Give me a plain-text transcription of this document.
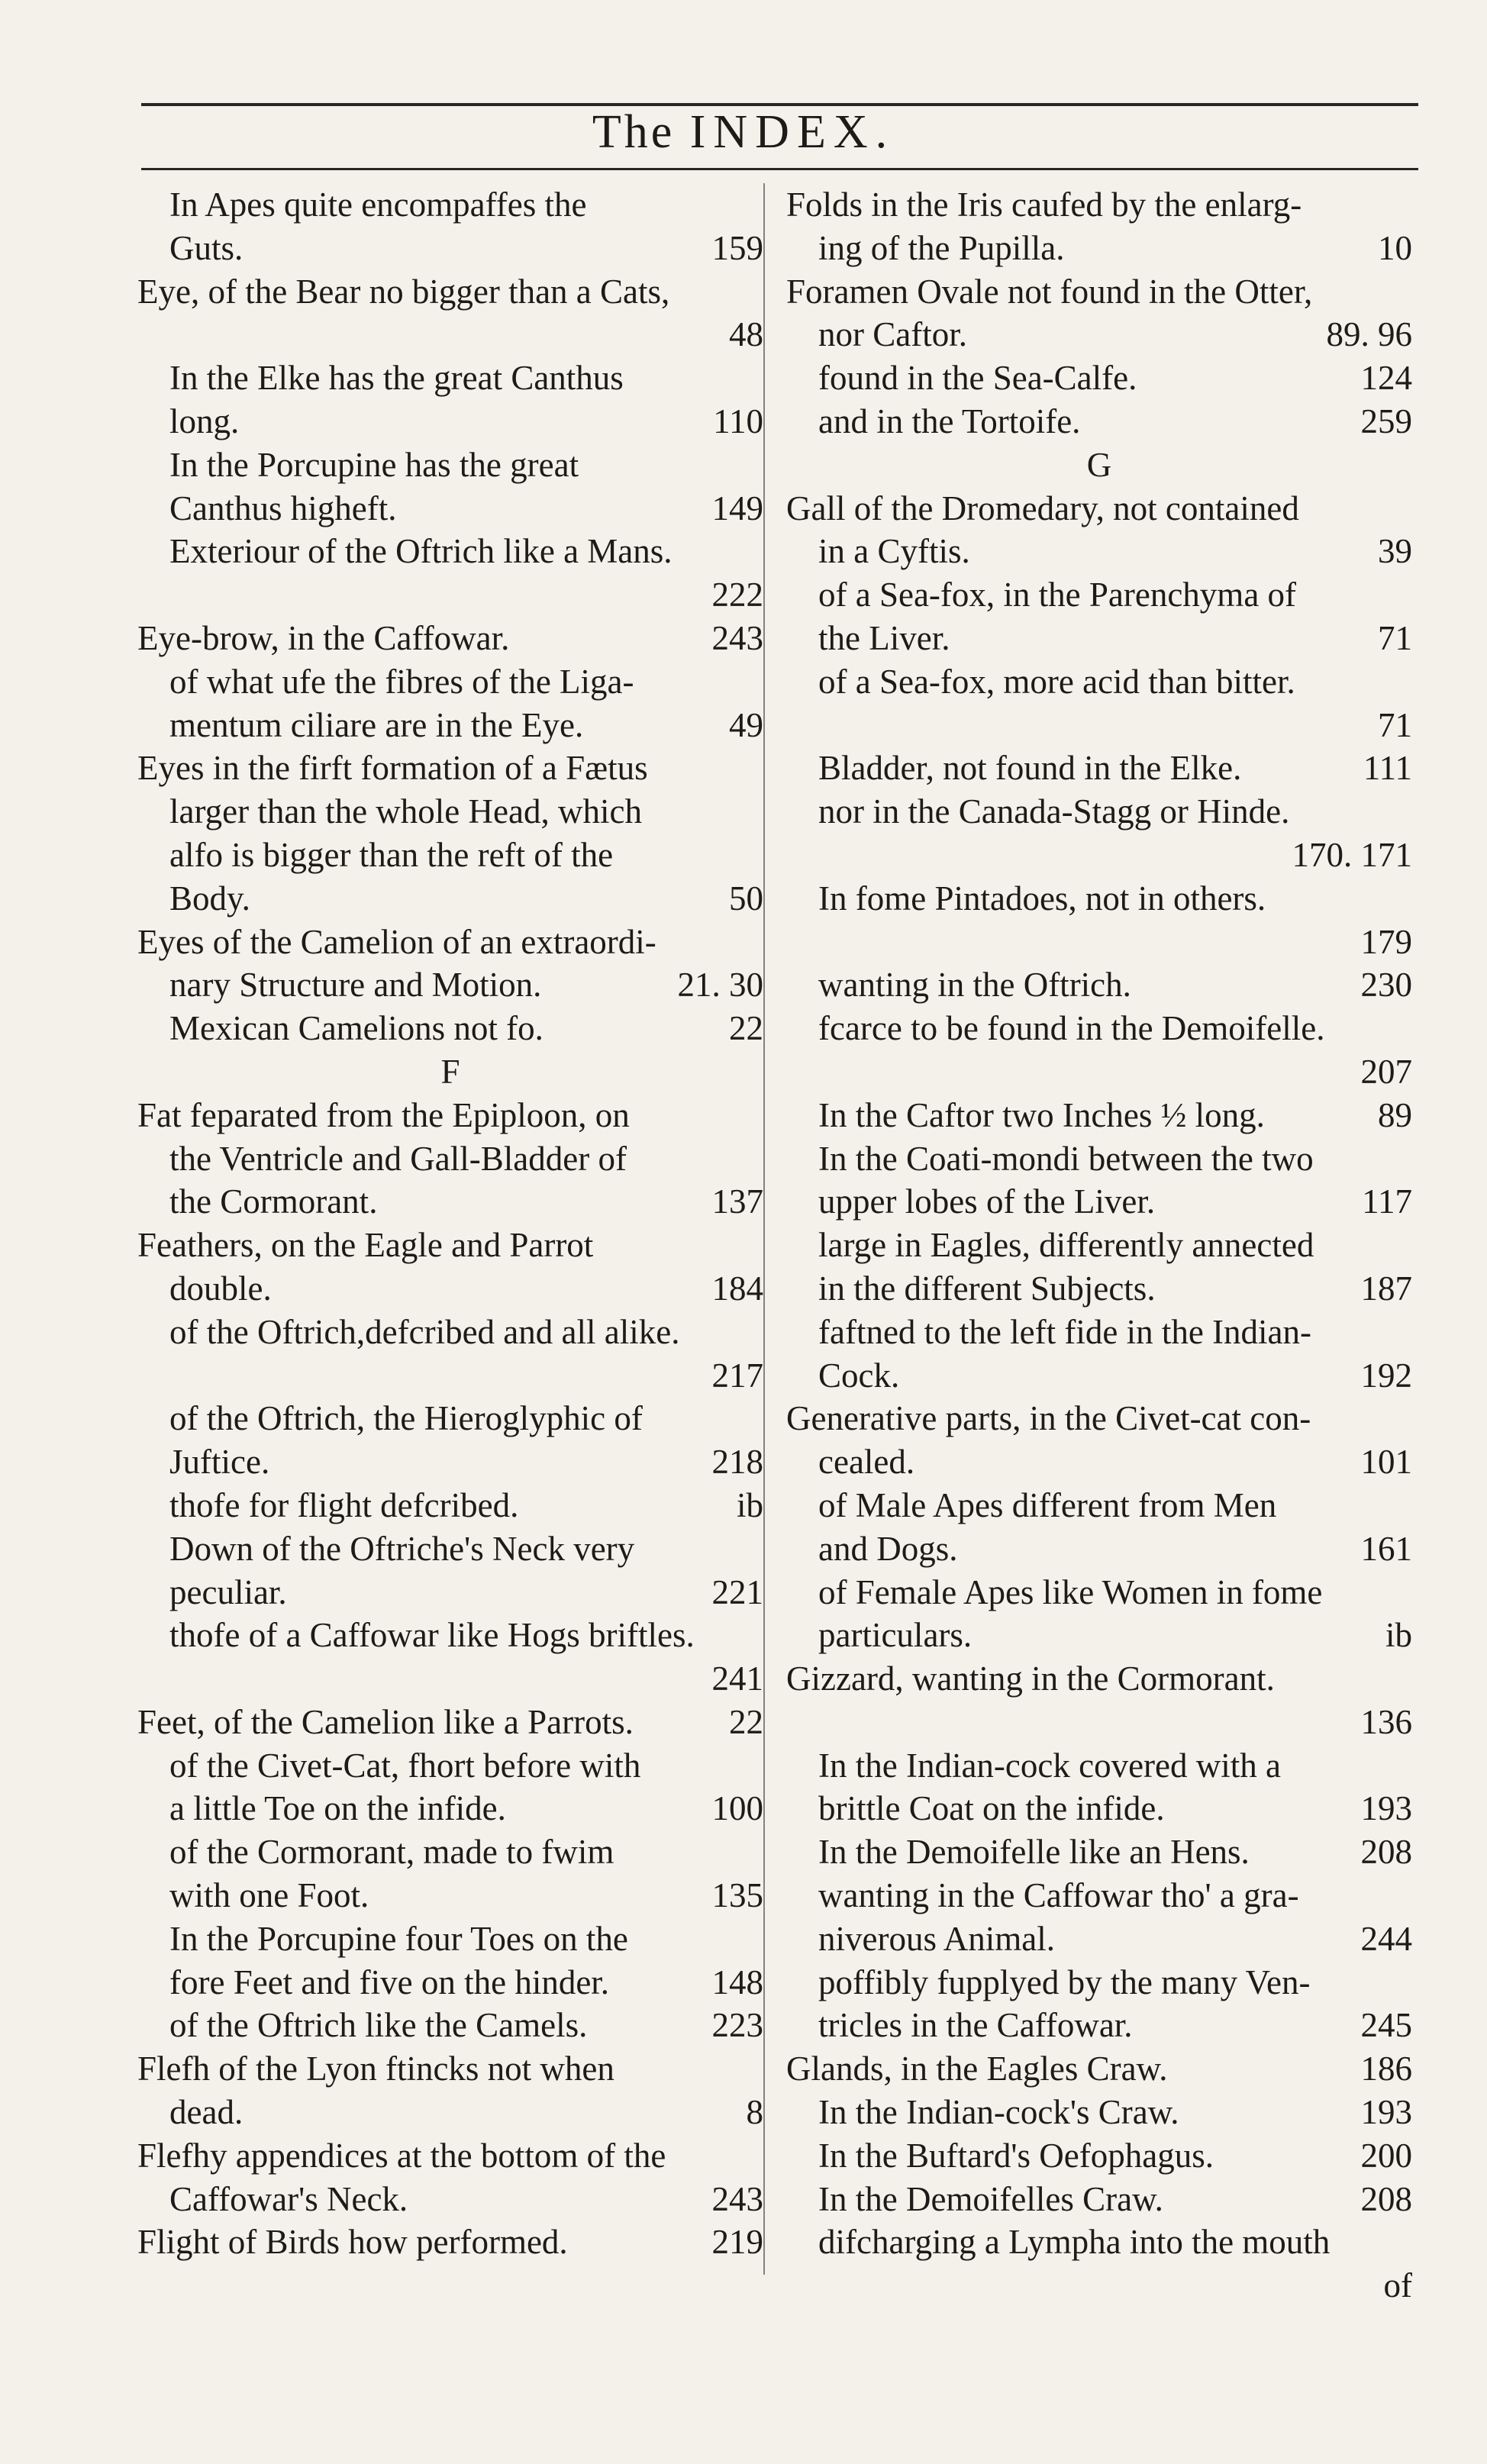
The INDEX.
In Apes quite encompaffes the
Guts.	159
Eye, of the Bear no bigger than a Cats,
48
In the Elke has the great Canthus
long.	110
In the Porcupine has the great
Canthus higheft.	149
Exteriour of the Oftrich like a Mans.
222
Eye-brow, in the Caffowar.	243
of what ufe the fibres of the Liga-
mentum ciliare are in the Eye.	49
Eyes in the firft formation of a Fætus
larger than the whole Head, which
alfo is bigger than the reft of the
Body.	50
Eyes of the Camelion of an extraordi-
nary Structure and Motion.	21. 30
Mexican Camelions not fo.	22
F
Fat feparated from the Epiploon, on
the Ventricle and Gall-Bladder of
the Cormorant.	137
Feathers, on the Eagle and Parrot
double.	184
of the Oftrich,defcribed and all alike.
217
of the Oftrich, the Hieroglyphic of
Juftice.	218
thofe for flight defcribed.	ib
Down of the Oftriche's Neck very
peculiar.	221
thofe of a Caffowar like Hogs briftles.
241
Feet, of the Camelion like a Parrots.	22
of the Civet-Cat, fhort before with
a little Toe on the infide.	100
of the Cormorant, made to fwim
with one Foot.	135
In the Porcupine four Toes on the
fore Feet and five on the hinder.	148
of the Oftrich like the Camels.	223
Flefh of the Lyon ftincks not when
dead.	8
Flefhy appendices at the bottom of the
Caffowar's Neck.	243
Flight of Birds how performed.	219
Folds in the Iris caufed by the enlarg-
ing of the Pupilla.	10
Foramen Ovale not found in the Otter,
nor Caftor.	89. 96
found in the Sea-Calfe.	124
and in the Tortoife.	259
G
Gall of the Dromedary, not contained
in a Cyftis.	39
of a Sea-fox, in the Parenchyma of
the Liver.	71
of a Sea-fox, more acid than bitter.
71
Bladder, not found in the Elke.	111
nor in the Canada-Stagg or Hinde.
170. 171
In fome Pintadoes, not in others.
179
wanting in the Oftrich.	230
fcarce to be found in the Demoifelle.
207
In the Caftor two Inches ½ long.	89
In the Coati-mondi between the two
upper lobes of the Liver.	117
large in Eagles, differently annected
in the different Subjects.	187
faftned to the left fide in the Indian-
Cock.	192
Generative parts, in the Civet-cat con-
cealed.	101
of Male Apes different from Men
and Dogs.	161
of Female Apes like Women in fome
particulars.	ib
Gizzard, wanting in the Cormorant.
136
In the Indian-cock covered with a
brittle Coat on the infide.	193
In the Demoifelle like an Hens.	208
wanting in the Caffowar tho' a gra-
niverous Animal.	244
poffibly fupplyed by the many Ven-
tricles in the Caffowar.	245
Glands, in the Eagles Craw.	186
In the Indian-cock's Craw.	193
In the Buftard's Oefophagus.	200
In the Demoifelles Craw.	208
difcharging a Lympha into the mouth
of
